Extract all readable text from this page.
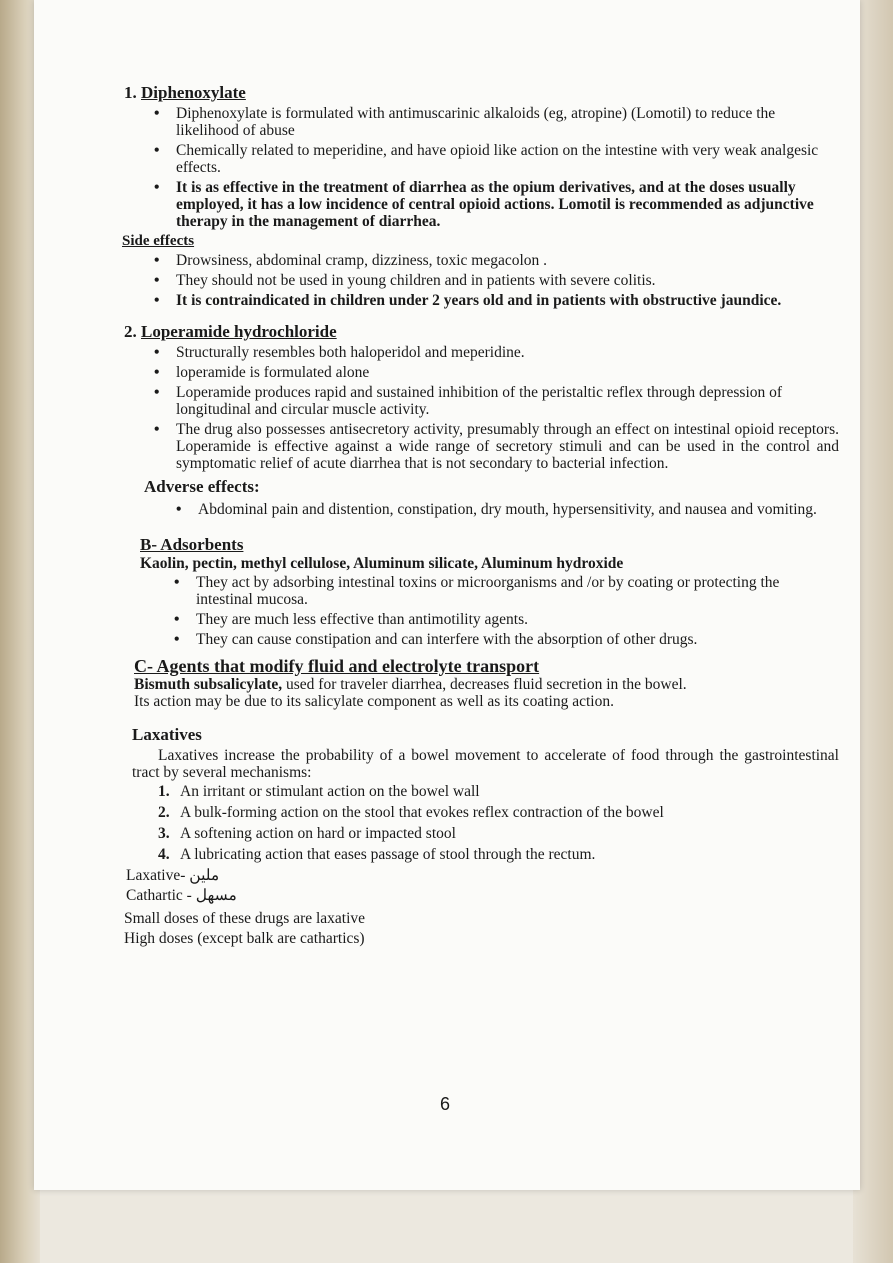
1. Diphenoxylate
• Diphenoxylate is formulated with antimuscarinic alkaloids (eg, atropine) (Lomotil) to reduce the likelihood of abuse
• Chemically related to meperidine, and have opioid like action on the intestine with very weak analgesic effects.
• It is as effective in the treatment of diarrhea as the opium derivatives, and at the doses usually employed, it has a low incidence of central opioid actions. Lomotil is recommended as adjunctive therapy in the management of diarrhea.
Side effects
• Drowsiness, abdominal cramp, dizziness, toxic megacolon .
• They should not be used in young children and in patients with severe colitis.
• It is contraindicated in children under 2 years old and in patients with obstructive jaundice.
2. Loperamide hydrochloride
• Structurally resembles both haloperidol and meperidine.
• loperamide is formulated alone
• Loperamide produces rapid and sustained inhibition of the peristaltic reflex through depression of longitudinal and circular muscle activity.
• The drug also possesses antisecretory activity, presumably through an effect on intestinal opioid receptors. Loperamide is effective against a wide range of secretory stimuli and can be used in the control and symptomatic relief of acute diarrhea that is not secondary to bacterial infection.
Adverse effects:
• Abdominal pain and distention, constipation, dry mouth, hypersensitivity, and nausea and vomiting.
B- Adsorbents

Kaolin, pectin, methyl cellulose, Aluminum silicate, Aluminum hydroxide

• They act by adsorbing intestinal toxins or microorganisms and /or by coating or protecting the intestinal mucosa.
• They are much less effective than antimotility agents.
• They can cause constipation and can interfere with the absorption of other drugs.
C- Agents that modify fluid and electrolyte transport

Bismuth subsalicylate, used for traveler diarrhea, decreases fluid secretion in the bowel.

Its action may be due to its salicylate component as well as its coating action.

Laxatives

Laxatives increase the probability of a bowel movement to accelerate of food through the gastrointestinal tract by several mechanisms:

1. An irritant or stimulant action on the bowel wall
2. A bulk-forming action on the stool that evokes reflex contraction of the bowel
3. A softening action on hard or impacted stool
4. A lubricating action that eases passage of stool through the rectum.

Laxative- ملين

Cathartic - مسهل

Small doses of these drugs are laxative

High doses (except balk are cathartics)

6
